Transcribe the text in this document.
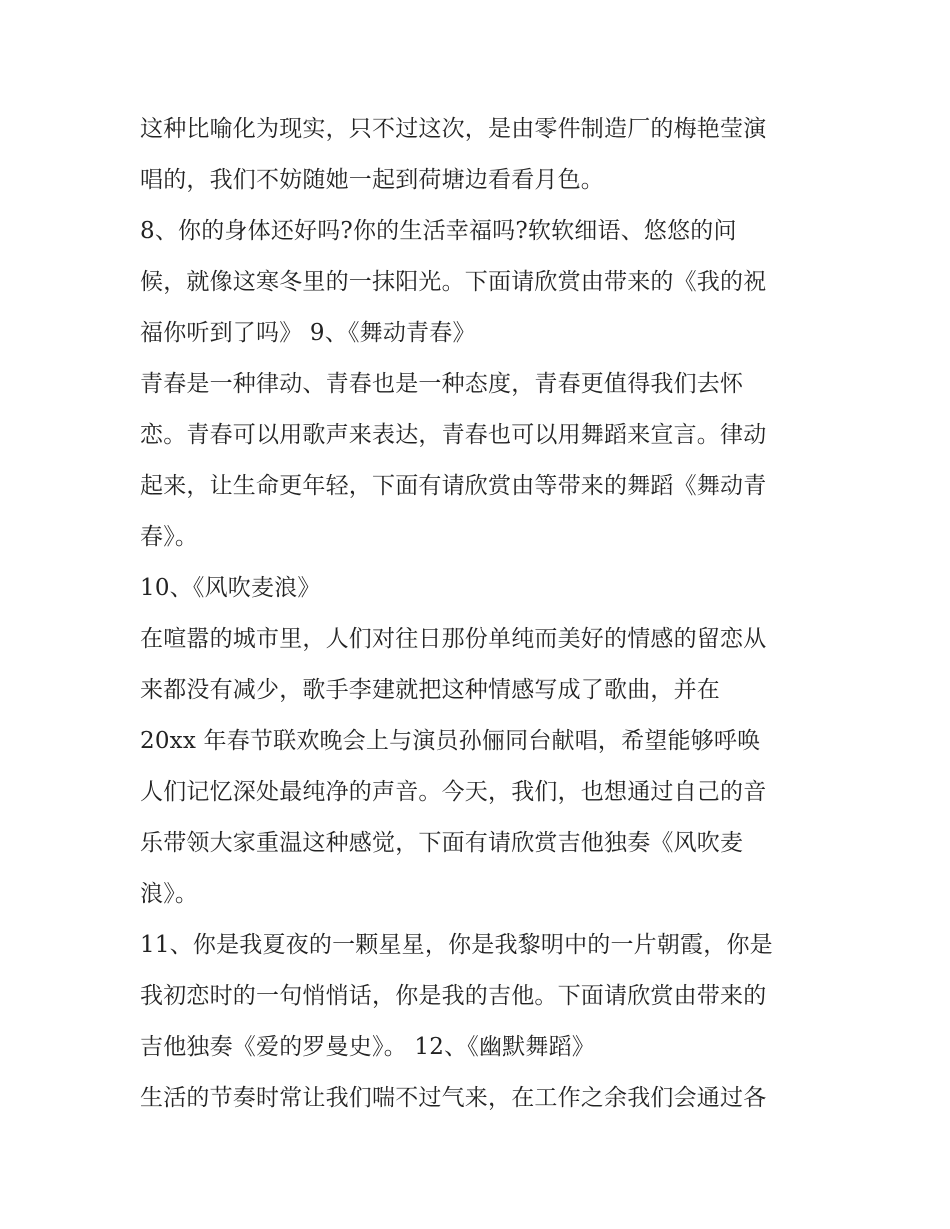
这种比喻化为现实，只不过这次，是由零件制造厂的梅艳莹演
唱的，我们不妨随她一起到荷塘边看看月色。
8、你的身体还好吗?你的生活幸福吗?软软细语、悠悠的问
候，就像这寒冬里的一抹阳光。下面请欣赏由带来的《我的祝
福你听到了吗》 9、《舞动青春》
青春是一种律动、青春也是一种态度，青春更值得我们去怀
恋。青春可以用歌声来表达，青春也可以用舞蹈来宣言。律动
起来，让生命更年轻，下面有请欣赏由等带来的舞蹈《舞动青
春》。
10、《风吹麦浪》
在喧嚣的城市里，人们对往日那份单纯而美好的情感的留恋从
来都没有减少，歌手李建就把这种情感写成了歌曲，并在
20xx 年春节联欢晚会上与演员孙俪同台献唱，希望能够呼唤
人们记忆深处最纯净的声音。今天，我们，也想通过自己的音
乐带领大家重温这种感觉，下面有请欣赏吉他独奏《风吹麦
浪》。
11、你是我夏夜的一颗星星，你是我黎明中的一片朝霞，你是
我初恋时的一句悄悄话，你是我的吉他。下面请欣赏由带来的
吉他独奏《爱的罗曼史》。 12、《幽默舞蹈》
生活的节奏时常让我们喘不过气来，在工作之余我们会通过各
